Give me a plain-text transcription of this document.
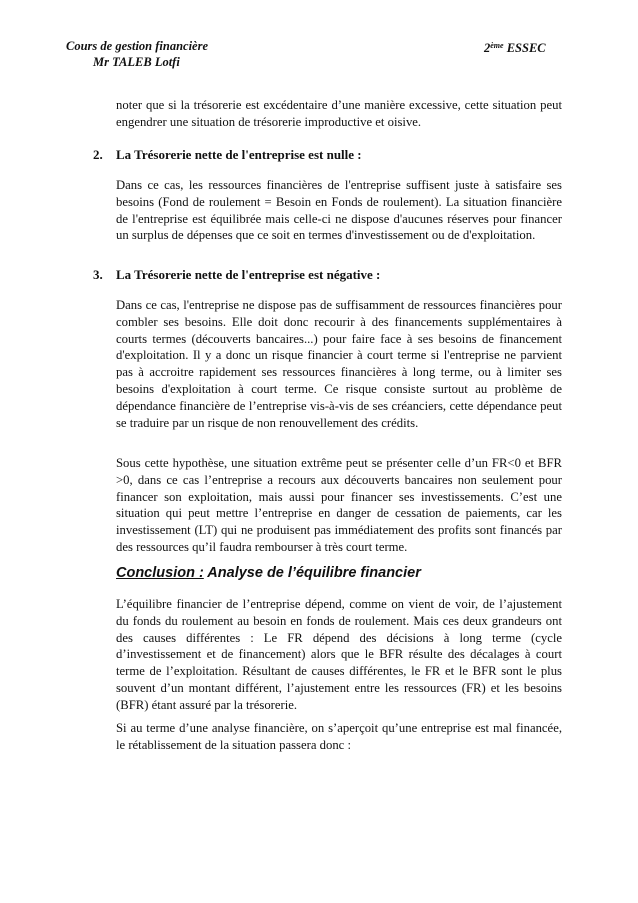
Cours de gestion financière
Mr TALEB Lotfi
2ème ESSEC

noter que si la trésorerie est excédentaire d’une manière excessive, cette situation peut engendrer une situation de trésorerie improductive et oisive.

2. La Trésorerie nette de l'entreprise est nulle :

Dans ce cas, les ressources financières de l'entreprise suffisent juste à satisfaire ses besoins (Fond de roulement = Besoin en Fonds de roulement). La situation financière de l'entreprise est équilibrée mais celle-ci ne dispose d'aucunes réserves pour financer un surplus de dépenses que ce soit en termes d'investissement ou de d'exploitation.

3. La Trésorerie nette de l'entreprise est négative :

Dans ce cas, l'entreprise ne dispose pas de suffisamment de ressources financières pour combler ses besoins. Elle doit donc recourir à des financements supplémentaires à courts termes (découverts bancaires...) pour faire face à ses besoins de financement d'exploitation. Il y a donc un risque financier à court terme si l'entreprise ne parvient pas à accroitre rapidement ses ressources financières à long terme, ou à limiter ses besoins d'exploitation à court terme. Ce risque consiste surtout au problème de dépendance financière de l’entreprise vis-à-vis de ses créanciers, cette dépendance peut se traduire par un risque de non renouvellement des crédits.

Sous cette hypothèse, une situation extrême peut se présenter celle d’un FR<0 et BFR >0, dans ce cas l’entreprise a recours aux découverts bancaires non seulement pour financer son exploitation, mais aussi pour financer ses investissements. C’est une situation qui peut mettre l’entreprise en danger de cessation de paiements, car les investissement (LT) qui ne produisent pas immédiatement des profits sont financés par des ressources qu’il faudra rembourser à très court terme.

Conclusion : Analyse de l’équilibre financier

L’équilibre financier de l’entreprise dépend, comme on vient de voir, de l’ajustement du fonds du roulement au besoin en fonds de roulement. Mais ces deux grandeurs ont des causes différentes : Le FR dépend des décisions à long terme (cycle d’investissement et de financement) alors que le BFR résulte des décalages à court terme de l’exploitation. Résultant de causes différentes, le FR et le BFR sont le plus souvent d’un montant différent, l’ajustement entre les ressources (FR) et les besoins (BFR) étant assuré par la trésorerie.

Si au terme d’une analyse financière, on s’aperçoit qu’une entreprise est mal financée, le rétablissement de la situation passera donc :
